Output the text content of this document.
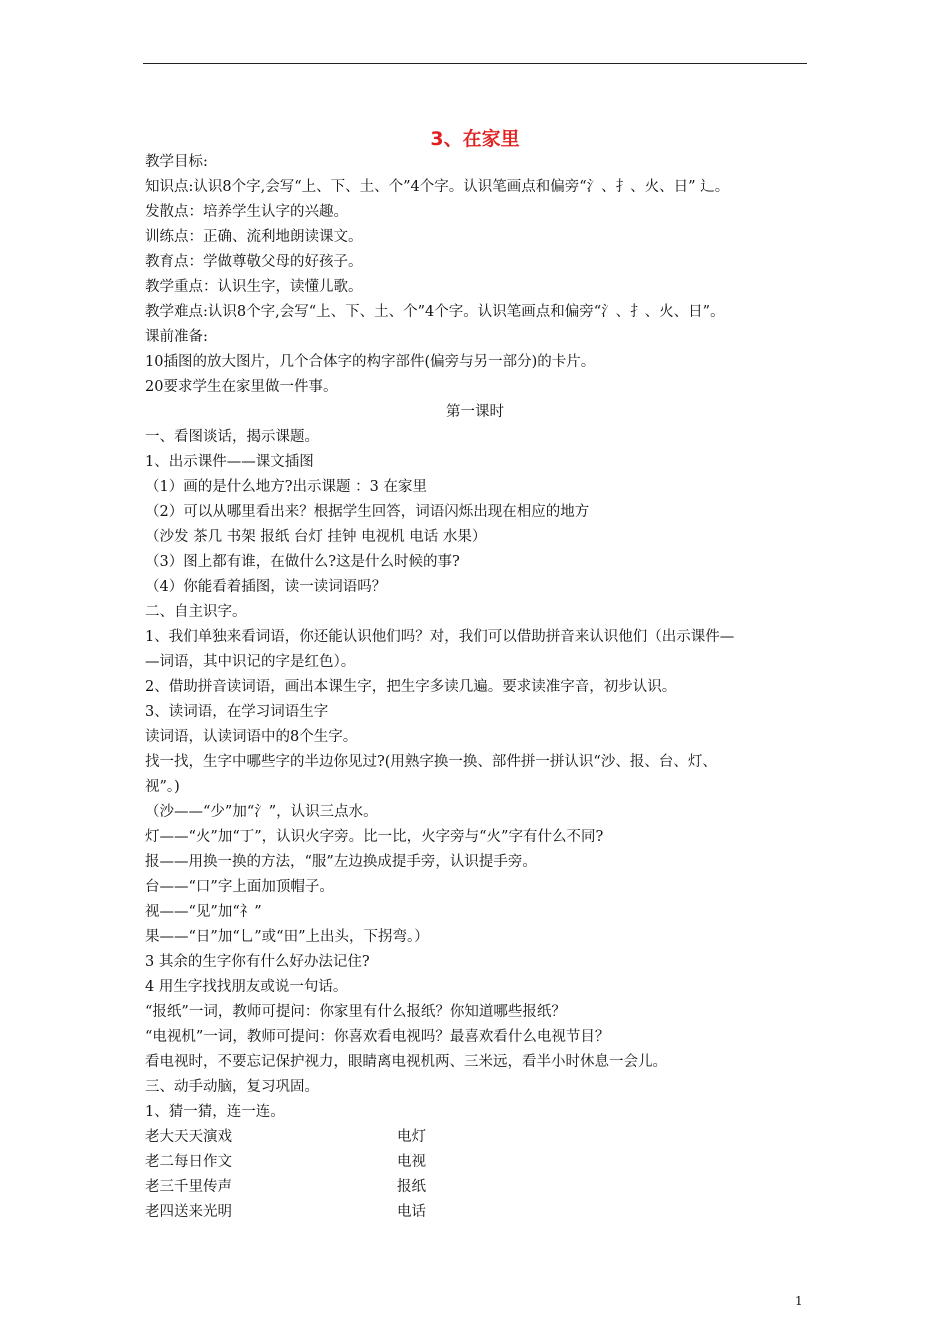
3、在家里
教学目标:
知识点:认识8个字,会写“上、下、土、个”4个字。认识笔画点和偏旁“氵、扌、火、日” 辶。
发散点：培养学生认字的兴趣。
训练点：正确、流利地朗读课文。
教育点：学做尊敬父母的好孩子。
教学重点：认识生字，读懂儿歌。
教学难点:认识8个字,会写“上、下、土、个”4个字。认识笔画点和偏旁“氵、扌、火、日”。
课前准备:
10插图的放大图片，几个合体字的构字部件(偏旁与另一部分)的卡片。
20要求学生在家里做一件事。
一、看图谈话，揭示课题。
1、出示课件——课文插图
（1）画的是什么地方?出示课题 ：3 在家里
（2）可以从哪里看出来？根据学生回答，词语闪烁出现在相应的地方
（沙发 茶几 书架 报纸 台灯 挂钟 电视机 电话 水果）
（3）图上都有谁，在做什么?这是什么时候的事?
（4）你能看着插图，读一读词语吗？
二、自主识字。
1、我们单独来看词语，你还能认识他们吗？对，我们可以借助拼音来认识他们（出示课件—
—词语，其中识记的字是红色）。
2、借助拼音读词语，画出本课生字，把生字多读几遍。要求读准字音，初步认识。
3、读词语，在学习词语生字
读词语，认读词语中的8个生字。
找一找，生字中哪些字的半边你见过?(用熟字换一换、部件拼一拼认识“沙、报、台、灯、
视”。)
（沙——“少”加“氵”，认识三点水。
灯——“火”加“丁”，认识火字旁。比一比，火字旁与“火”字有什么不同?
报——用换一换的方法，“服”左边换成提手旁，认识提手旁。
台——“口”字上面加顶帽子。
视——“见”加“礻”
果——“日”加“乚”或“田”上出头，下拐弯。）
3 其余的生字你有什么好办法记住?
4 用生字找找朋友或说一句话。
“报纸”一词，教师可提问：你家里有什么报纸？你知道哪些报纸？
“电视机”一词，教师可提问：你喜欢看电视吗？最喜欢看什么电视节目？
看电视时，不要忘记保护视力，眼睛离电视机两、三米远，看半小时休息一会儿。
三、动手动脑，复习巩固。
1、猜一猜，连一连。
第一课时
老大天天演戏	电灯
老二每日作文	电视
老三千里传声	报纸
老四送来光明	电话
1
